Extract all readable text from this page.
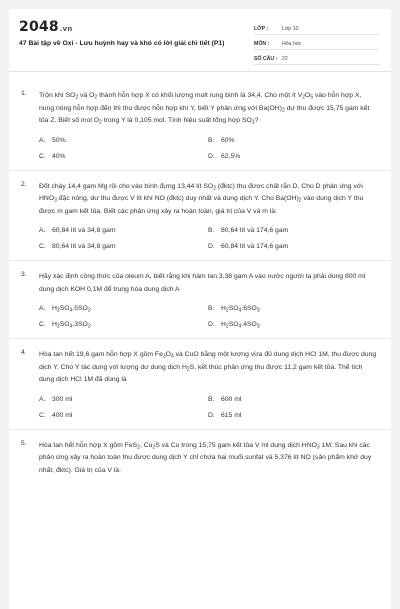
2048.vn
47 Bài tập về Oxi - Lưu huỳnh hay và khó có lời giải chi tiết (P1)
LỚP :	Lớp 10
MÔN :	Hóa học
SỐ CÂU : 22
1. Trộn khí $SO_2$ và $O_2$ thành hỗn hợp X có khối lượng molt rung bình là 34,4. Cho một ít $V_2O_5$ vào hỗn hợp X, nung nóng hỗn hợp đến thì thu được hỗn hợp khí Y, biết Y phản ứng với $Ba(OH)_2$ dư thu được 15,75 gam kết tủa Z. Biết số mol $O_2$ trong Y là 0,105 mol. Tính hiệu suất tổng hợp $SO_3$?
A. 50%.	B. 60%
C. 40%	D. 62,5%
2. Đốt cháy 14,4 gam Mg rồi cho vào bình đựng 13,44 lít $SO_2$ (đktc) thu được chất rắn D. Cho D phản ứng với $HNO_3$ đặc nóng, dư thu được V lít khí NO (đktc) duy nhất và dung dịch Y. Cho $Ba(OH)_2$ vào dung dịch Y thu được m gam kết tủa. Biết các phản ứng xảy ra hoàn toàn, giá trị của V và m là:
A. 60,84 lít và 34,8 gam	B. 80,64 lít và 174,6 gam
C. 80,64 lít và 34,8 gam	D. 60,84 lít và 174,6 gam
3. Hãy xác định công thức của oleum A, biết rằng khi hàm tan 3,38 gam A vào nước người ta phải dung 800 ml dung dịch KOH 0,1M để trung hòa dung dịch A
A. $H_2SO_4.5SO_3$	B. $H_2SO_4.6SO_3$
C. $H_2SO_4.3SO_3$	D. $H_2SO_4.4SO_3$
4. Hòa tan hết 19,6 gam hỗn hợp X gồm $Fe_3O_4$ và CuO bằng một lượng vừa đủ dung dịch HCl 1M, thu được dung dịch Y. Cho Y tác dụng với lượng dư dung dịch $H_2S$, kết thúc phản ứng thu được 11,2 gam kết tủa. Thể tích dung dịch HCl 1M đã dùng là
A. 300 ml	B. 600 ml
C. 400 ml	D. 615 ml
5. Hòa tan hết hỗn hợp X gồm FeS$_2$, $Cu_2S$ và Cu trong 15,75 gam kết tủa V ml dung dịch $HNO_3$ 1M. Sau khi các phản ứng xảy ra hoàn toàn thu được dung dịch Y chỉ chứa hai muối sunfat và 5,376 lít NO (sản phẩm khử duy nhất, đktc). Giá trị của V là:
